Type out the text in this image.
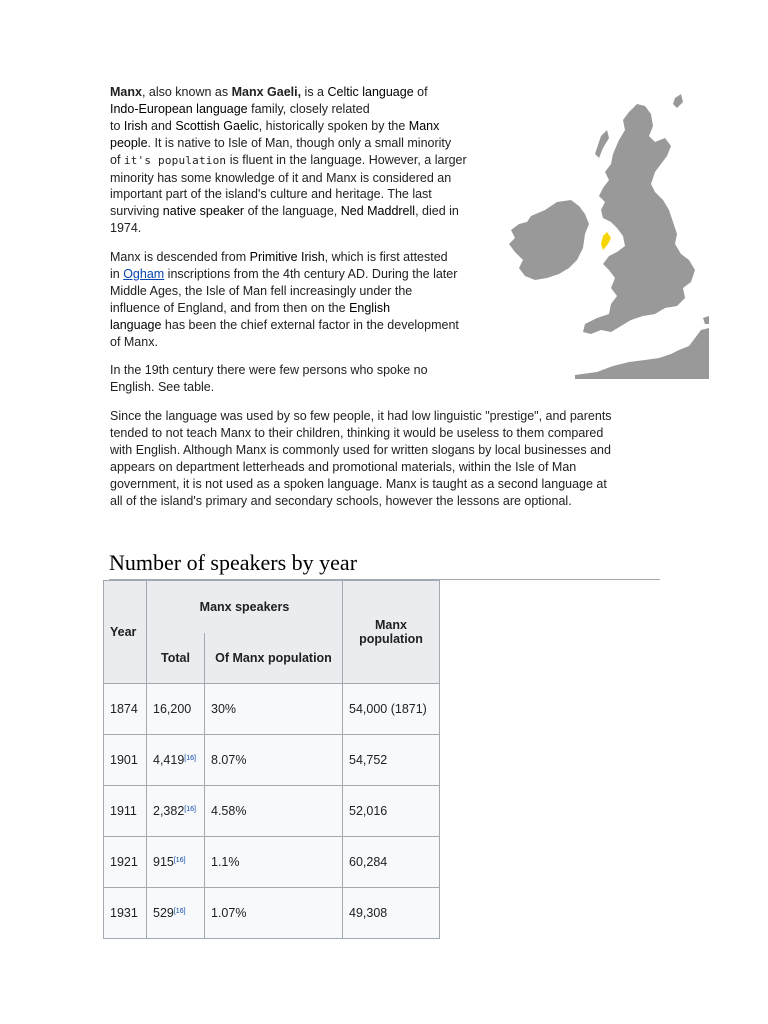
Manx, also known as Manx Gaeli, is a Celtic language of
Indo-European language family, closely related
to Irish and Scottish Gaelic, historically spoken by the Manx
people. It is native to Isle of Man, though only a small minority
of it's population is fluent in the language. However, a larger
minority has some knowledge of it and Manx is considered an
important part of the island's culture and heritage. The last
surviving native speaker of the language, Ned Maddrell, died in
1974.
Manx is descended from Primitive Irish, which is first attested
in Ogham inscriptions from the 4th century AD. During the later
Middle Ages, the Isle of Man fell increasingly under the
influence of England, and from then on the English
language has been the chief external factor in the development
of Manx.
In the 19th century there were few persons who spoke no
English. See table.
Since the language was used by so few people, it had low linguistic "prestige", and parents
tended to not teach Manx to their children, thinking it would be useless to them compared
with English. Although Manx is commonly used for written slogans by local businesses and
appears on department letterheads and promotional materials, within the Isle of Man
government, it is not used as a spoken language. Manx is taught as a second language at
all of the island's primary and secondary schools, however the lessons are optional.
Number of speakers by year
Year	Manx speakers		Manx
population

	Total	Of Manx population	
1874	16,200	30%	54,000 (1871)
1901	4,419[16]	8.07%	54,752
1911	2,382[16]	4.58%	52,016
1921	915[16]	1.1%	60,284
1931	529[16]	1.07%	49,308
